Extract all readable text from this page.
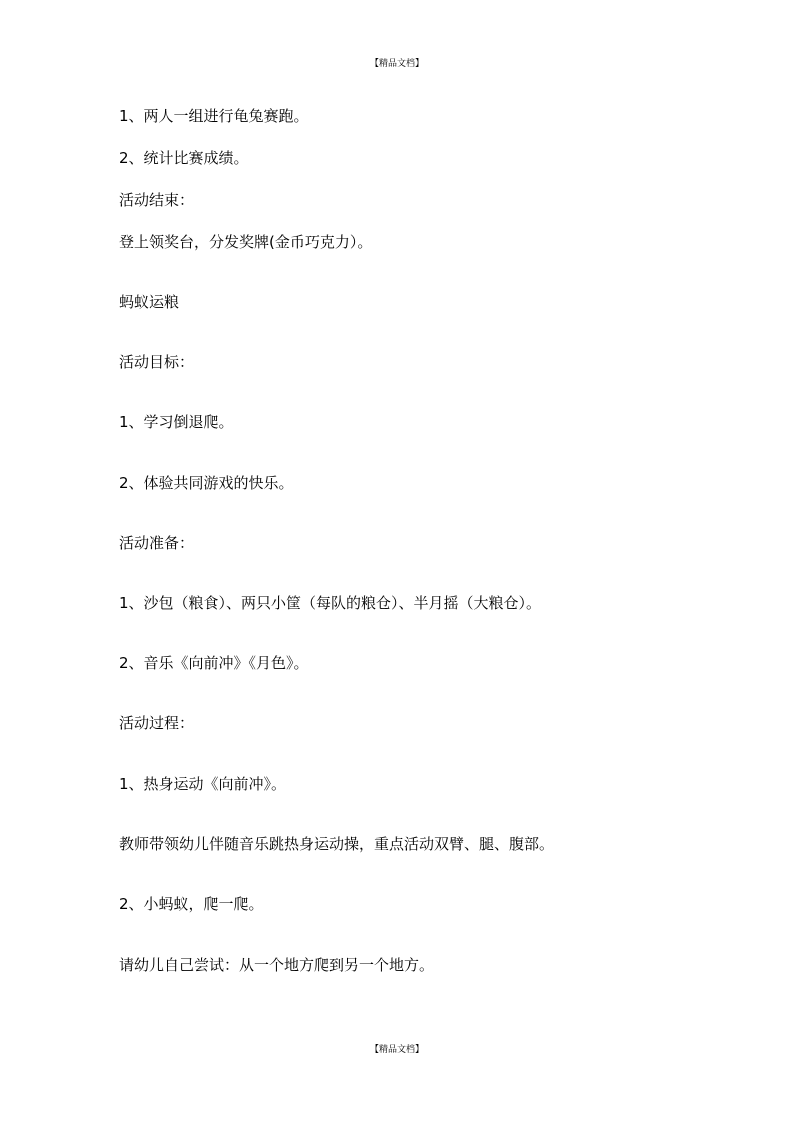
【精品文档】
1、两人一组进行龟兔赛跑。
2、统计比赛成绩。
活动结束：
登上领奖台，分发奖牌(金币巧克力）。
蚂蚁运粮
活动目标：
1、学习倒退爬。
2、体验共同游戏的快乐。
活动准备：
1、沙包（粮食）、两只小筐（每队的粮仓）、半月摇（大粮仓）。
2、音乐《向前冲》《月色》。
活动过程：
1、热身运动《向前冲》。
教师带领幼儿伴随音乐跳热身运动操，重点活动双臂、腿、腹部。
2、小蚂蚁，爬一爬。
请幼儿自己尝试：从一个地方爬到另一个地方。
【精品文档】
